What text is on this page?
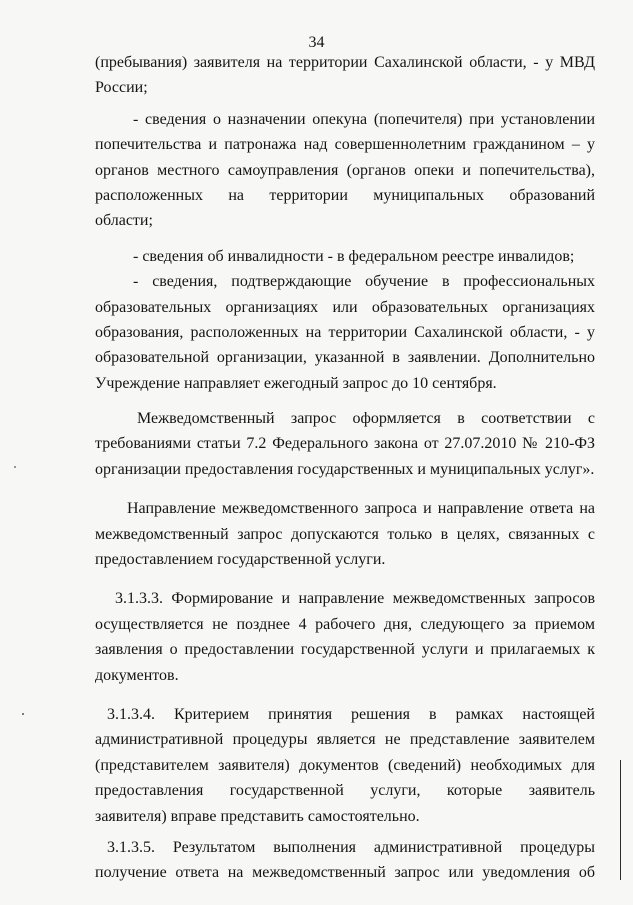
34
(пребывания) заявителя на территории Сахалинской области, - у МВД
России;
- сведения о назначении опекуна (попечителя) при установлении
попечительства и патронажа над совершеннолетним гражданином – у
органов местного самоуправления (органов опеки и попечительства),
расположенных на территории муниципальных образований
области;
- сведения об инвалидности - в федеральном реестре инвалидов;
- сведения, подтверждающие обучение в профессиональных
образовательных организациях или образовательных организациях
образования, расположенных на территории Сахалинской области, - у
образовательной организации, указанной в заявлении. Дополнительно
Учреждение направляет ежегодный запрос до 10 сентября.
Межведомственный запрос оформляется в соответствии с
требованиями статьи 7.2 Федерального закона от 27.07.2010 № 210-ФЗ
организации предоставления государственных и муниципальных услуг».
Направление межведомственного запроса и направление ответа на
межведомственный запрос допускаются только в целях, связанных с
предоставлением государственной услуги.
3.1.3.3. Формирование и направление межведомственных запросов
осуществляется не позднее 4 рабочего дня, следующего за приемом
заявления о предоставлении государственной услуги и прилагаемых к
документов.
3.1.3.4. Критерием принятия решения в рамках настоящей
административной процедуры является не представление заявителем
(представителем заявителя) документов (сведений) необходимых для
предоставления государственной услуги, которые заявитель
заявителя) вправе представить самостоятельно.
3.1.3.5. Результатом выполнения административной процедуры
получение ответа на межведомственный запрос или уведомления об
